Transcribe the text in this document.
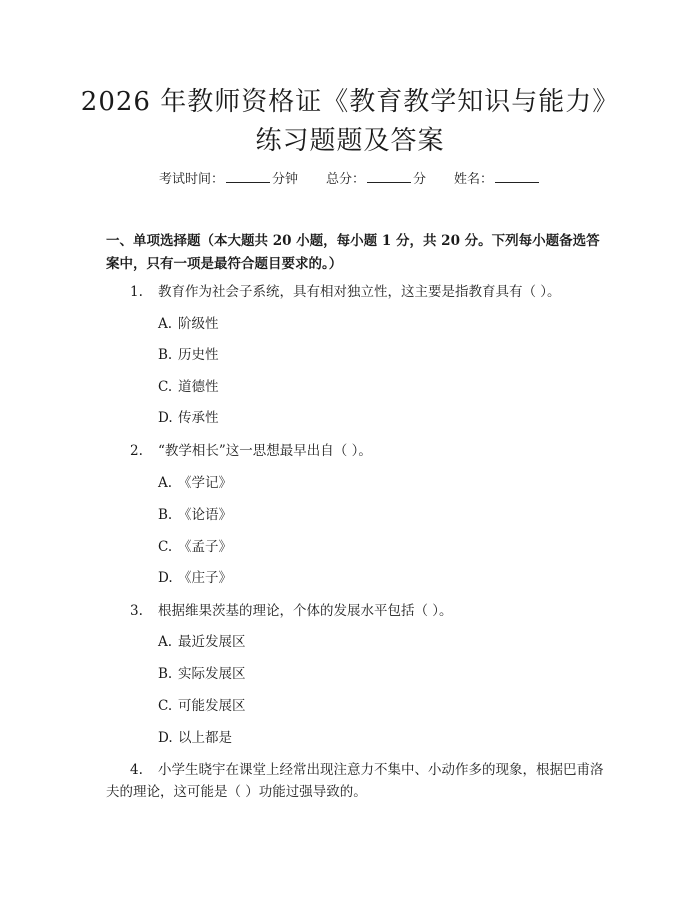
2026 年教师资格证《教育教学知识与能力》
练习题题及答案
考试时间：	分钟 总分：	分 姓名：
一、单项选择题（本大题共 20 小题，每小题 1 分，共 20 分。下列每小题备选答
案中，只有一项是最符合题目要求的。）
1. 教育作为社会子系统，具有相对独立性，这主要是指教育具有（ ）。
A. 阶级性
B. 历史性
C. 道德性
D. 传承性
2. “教学相长”这一思想最早出自（ ）。
A. 《学记》
B. 《论语》
C. 《孟子》
D. 《庄子》
3. 根据维果茨基的理论，个体的发展水平包括（ ）。
A. 最近发展区
B. 实际发展区
C. 可能发展区
D. 以上都是
4. 小学生晓宇在课堂上经常出现注意力不集中、小动作多的现象，根据巴甫洛夫的理论，这可能是（ ）功能过强导致的。
